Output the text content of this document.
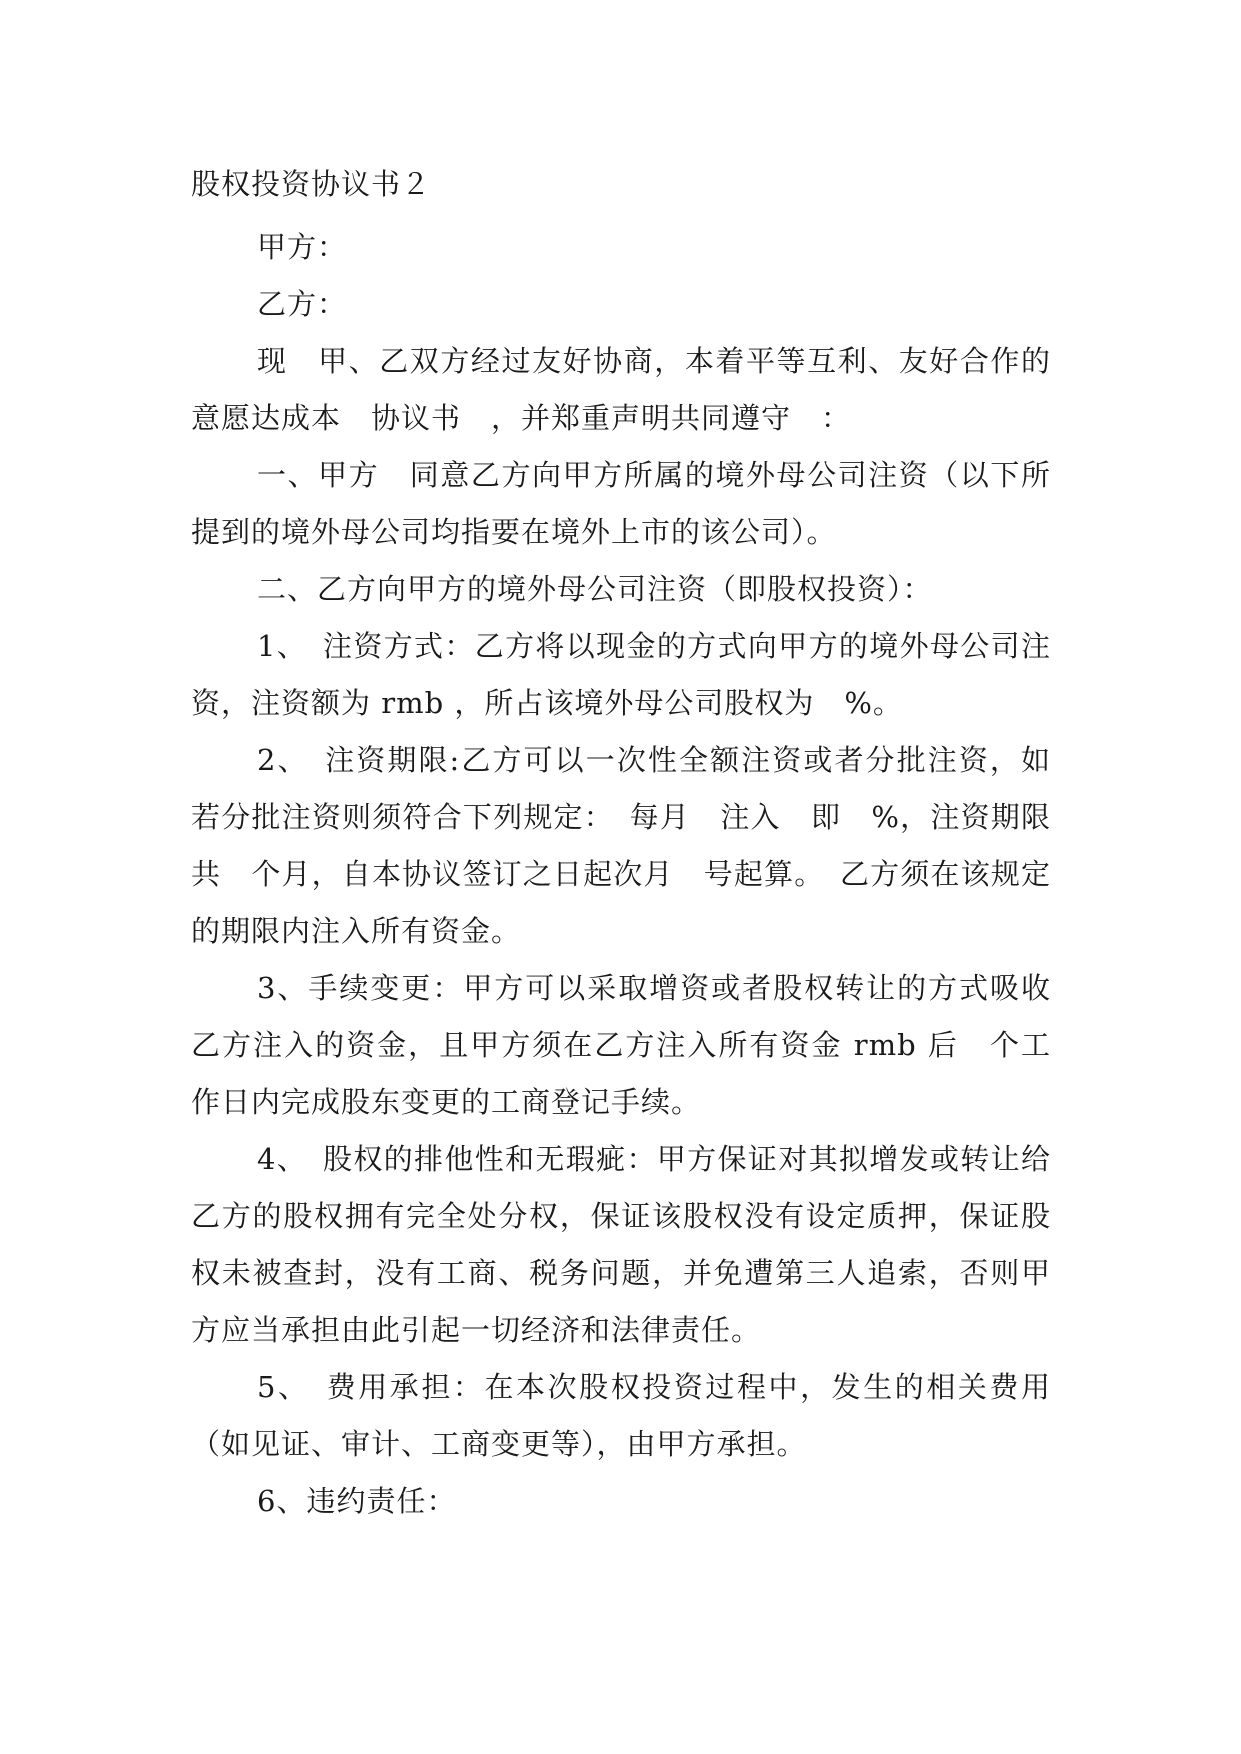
股权投资协议书２

甲方：

乙方：

现　甲、乙双方经过友好协商，本着平等互利、友好合作的意愿达成本　协议书　，并郑重声明共同遵守　：

一、甲方　同意乙方向甲方所属的境外母公司注资（以下所提到的境外母公司均指要在境外上市的该公司）。

二、乙方向甲方的境外母公司注资（即股权投资）：

1、　注资方式：乙方将以现金的方式向甲方的境外母公司注资，注资额为 rmb ，所占该境外母公司股权为　%。

2、　注资期限:乙方可以一次性全额注资或者分批注资，如若分批注资则须符合下列规定：　每月　注入　即　%，注资期限共　个月，自本协议签订之日起次月　号起算。　乙方须在该规定的期限内注入所有资金。

3、手续变更：甲方可以采取增资或者股权转让的方式吸收乙方注入的资金，且甲方须在乙方注入所有资金 rmb 后　个工作日内完成股东变更的工商登记手续。

4、　股权的排他性和无瑕疵：甲方保证对其拟增发或转让给乙方的股权拥有完全处分权，保证该股权没有设定质押，保证股权未被查封，没有工商、税务问题，并免遭第三人追索，否则甲方应当承担由此引起一切经济和法律责任。

5、　费用承担：在本次股权投资过程中，发生的相关费用（如见证、审计、工商变更等），由甲方承担。

6、违约责任：
